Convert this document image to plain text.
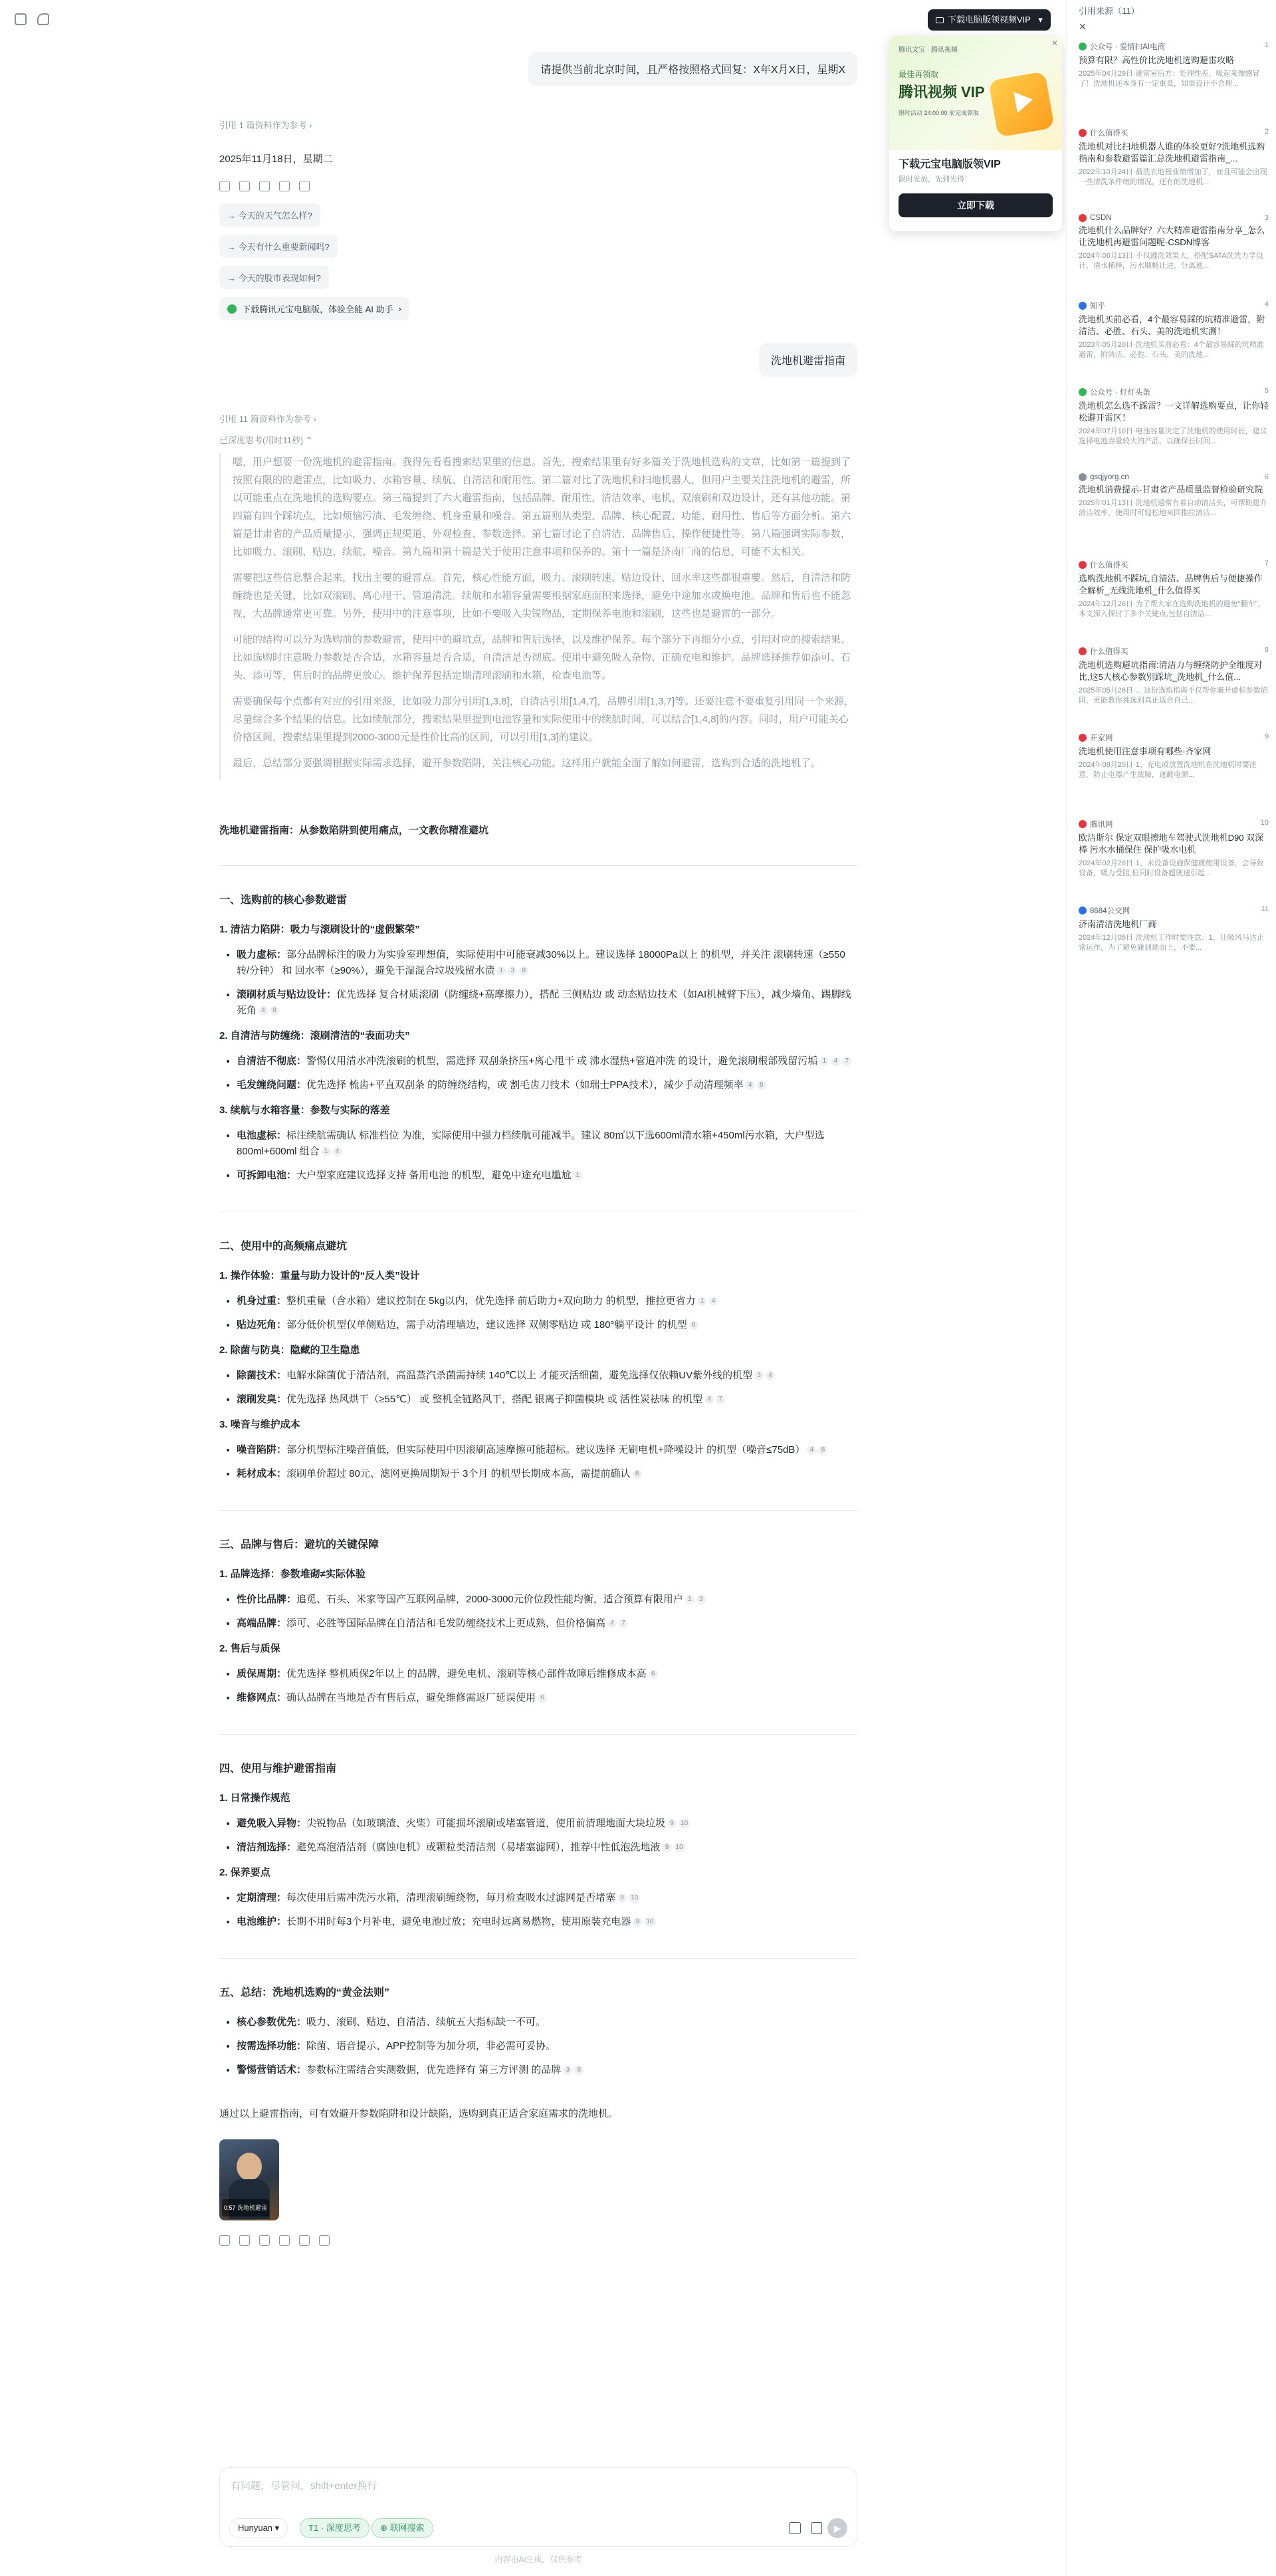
下载电脑版领视频VIP ▾
腾讯文宝 · 腾讯视频
最佳再领取
腾讯视频 VIP
限时活动 24:00:00 前完成领取
✕
下载元宝电脑版领VIP
限时发放，先到先得！
立即下载
请提供当前北京时间，且严格按照格式回复：X年X月X日，星期X
引用 1 篇资料作为参考 ›
2025年11月18日，星期二
→ 今天的天气怎么样?
→ 今天有什么重要新闻吗?
→ 今天的股市表现如何?
下载腾讯元宝电脑版，体验全能 AI 助手 ›
洗地机避雷指南
引用 11 篇资料作为参考 ›
已深度思考(用时11秒) ⌃

嗯，用户想要一份洗地机的避雷指南。我得先看看搜索结果里的信息。首先，搜索结果里有好多篇关于洗地机选购的文章，比如第一篇提到了按照有限的的避雷点，比如吸力、水箱容量、续航、自清洁和耐用性。第二篇对比了洗地机和扫地机器人，但用户主要关注洗地机的避雷，所以可能重点在洗地机的选购要点。第三篇提到了六大避雷指南，包括品牌、耐用性、清洁效率、电机、双滚刷和双边设计，还有其他功能。第四篇有四个踩坑点，比如烦恼污渍、毛发缠绕、机身重量和噪音。第五篇则从类型、品牌、核心配置、功能、耐用性、售后等方面分析。第六篇是甘肃省的产品质量提示，强调正规渠道、外观检查、参数选择。第七篇讨论了自清洁、品牌售后、操作便捷性等。第八篇强调实际参数，比如吸力、滚刷、贴边、续航、噪音。第九篇和第十篇是关于使用注意事项和保养的。第十一篇是济南厂商的信息，可能不太相关。

需要把这些信息整合起来，找出主要的避雷点。首先，核心性能方面，吸力、滚刷转速、贴边设计、回水率这些都很重要。然后，自清洁和防缠绕也是关键，比如双滚刷、离心甩干、管道清洗。续航和水箱容量需要根据家庭面积来选择，避免中途加水或换电池。品牌和售后也不能忽视，大品牌通常更可靠。另外，使用中的注意事项，比如不要吸入尖锐物品，定期保养电池和滚刷，这些也是避雷的一部分。

可能的结构可以分为选购前的参数避雷，使用中的避坑点，品牌和售后选择，以及维护保养。每个部分下再细分小点，引用对应的搜索结果。比如选购时注意吸力参数是否合适，水箱容量是否合适，自清洁是否彻底。使用中避免吸入杂物、正确充电和维护。品牌选择推荐如添可、石头、添可等，售后时的品牌更放心。维护保养包括定期清理滚刷和水箱，检查电池等。

需要确保每个点都有对应的引用来源，比如吸力部分引用[1,3,8]，自清洁引用[1,4,7]，品牌引用[1,3,7]等。还要注意不要重复引用同一个来源，尽量综合多个结果的信息。比如续航部分，搜索结果里提到电池容量和实际使用中的续航时间，可以结合[1,4,8]的内容。同时，用户可能关心价格区间，搜索结果里提到2000-3000元是性价比高的区间，可以引用[1,3]的建议。

最后，总结部分要强调根据实际需求选择，避开参数陷阱，关注核心功能。这样用户就能全面了解如何避雷，选购到合适的洗地机了。

洗地机避雷指南：从参数陷阱到使用痛点，一文教你精准避坑
一、选购前的核心参数避雷
1. 清洁力陷阱：吸力与滚刷设计的“虚假繁荣”
• 吸力虚标：部分品牌标注的吸力为实验室理想值，实际使用中可能衰减30%以上。建议选择 18000Pa以上 的机型，并关注 滚刷转速（≥550转/分钟） 和 回水率（≥90%），避免干湿混合垃圾残留水渍 1 3 8
• 滚刷材质与贴边设计：优先选择 复合材质滚刷（防缠绕+高摩擦力），搭配 三侧贴边 或 动态贴边技术（如AI机械臂下压），减少墙角、踢脚线死角 4 8
2. 自清洁与防缠绕：滚刷清洁的“表面功夫”
• 自清洁不彻底：警惕仅用清水冲洗滚刷的机型，需选择 双刮条挤压+离心甩干 或 沸水湿热+管道冲洗 的设计，避免滚刷根部残留污垢 1 4 7
• 毛发缠绕问题：优先选择 梳齿+平直双刮条 的防缠绕结构，或 割毛齿刀技术（如瑞士PPA技术），减少手动清理频率 4 8
3. 续航与水箱容量：参数与实际的落差
• 电池虚标：标注续航需确认 标准档位 为准，实际使用中强力档续航可能减半。建议 80㎡以下选600ml清水箱+450ml污水箱，大户型选 800ml+600ml 组合 1 4
• 可拆卸电池：大户型家庭建议选择支持 备用电池 的机型，避免中途充电尴尬 1
二、使用中的高频痛点避坑
1. 操作体验：重量与助力设计的“反人类”设计
• 机身过重：整机重量（含水箱）建议控制在 5kg以内，优先选择 前后助力+双向助力 的机型，推拉更省力 1 4
• 贴边死角：部分低价机型仅单侧贴边，需手动清理墙边，建议选择 双侧零贴边 或 180°躺平设计 的机型 8
2. 除菌与防臭：隐藏的卫生隐患
• 除菌技术：电解水除菌优于清洁剂，高温蒸汽杀菌需持续 140℃以上 才能灭活细菌，避免选择仅依赖UV紫外线的机型 3 4
• 滚刷发臭：优先选择 热风烘干（≥55℃） 或 整机全链路风干，搭配 银离子抑菌模块 或 活性炭祛味 的机型 4 7
3. 噪音与维护成本
• 噪音陷阱：部分机型标注噪音值低，但实际使用中因滚刷高速摩擦可能超标。建议选择 无刷电机+降噪设计 的机型（噪音≤75dB） 4 8
• 耗材成本：滚刷单价超过 80元、滤网更换周期短于 3个月 的机型长期成本高，需提前确认 8
三、品牌与售后：避坑的关键保障
1. 品牌选择：参数堆砌≠实际体验
• 性价比品牌：追觅、石头、米家等国产互联网品牌，2000-3000元价位段性能均衡，适合预算有限用户 1 3
• 高端品牌：添可、必胜等国际品牌在自清洁和毛发防缠绕技术上更成熟，但价格偏高 4 7
2. 售后与质保
• 质保周期：优先选择 整机质保2年以上 的品牌，避免电机、滚刷等核心部件故障后维修成本高 6
• 维修网点：确认品牌在当地是否有售后点，避免维修需返厂延误使用 6
四、使用与维护避雷指南
1. 日常操作规范
• 避免吸入异物：尖锐物品（如玻璃渣、火柴）可能损坏滚刷或堵塞管道，使用前清理地面大块垃圾 9 10
• 清洁剂选择：避免高泡清洁剂（腐蚀电机）或颗粒类清洁剂（易堵塞滤网），推荐中性低泡洗地液 9 10
2. 保养要点
• 定期清理：每次使用后需冲洗污水箱，清理滚刷缠绕物，每月检查吸水过滤网是否堵塞 9 10
• 电池维护：长期不用时每3个月补电，避免电池过放；充电时远离易燃物，使用原装充电器 9 10
五、总结：洗地机选购的“黄金法则”
• 核心参数优先：吸力、滚刷、贴边、自清洁、续航五大指标缺一不可。
• 按需选择功能：除菌、语音提示、APP控制等为加分项，非必需可妥协。
• 警惕营销话术：参数标注需结合实测数据，优先选择有 第三方评测 的品牌 3 8
通过以上避雷指南，可有效避开参数陷阱和设计缺陷，选购到真正适合家庭需求的洗地机。
0:57 洗地机避雷
有问题，尽管问，shift+enter换行
Hunyuan ▾	T1 · 深度思考	⊕ 联网搜索	▶
内容由AI生成，仅供参考
引用来源（11）
✕
公众号 · 爱情扫AI电商	1
预算有限？高性价比洗地机选购避雷攻略
2025年04月29日·避雷室后方：处理性差、吸起来像感冒了！洗地机还本身有一定重量，如果设计不合理...
什么值得买	2
洗地机对比扫地机器人谁的体验更好?洗地机选购指南和参数避雷篇汇总洗地机避雷指南_...
2022年10月24日·最洗衣地板业绩增加了，而且可能会出现一些清洗条件绪的情况，还有的洗地机...
CSDN	3
洗地机什么品牌好？六大精准避雷指南分享_怎么让洗地机再避雷问题呢-CSDN博客
2024年06月13日·不仅遵洗效果大，搭配SATA洗洗力学设计，清水稀释，污水顺畅让进，分离速...
知乎	4
洗地机买前必看，4个最容易踩的坑精准避雷，附清洁、必胜、石头、美的洗地机实测！
2023年05月20日·洗地机买前必看：4个最容易踩的坑精准避雷，附清洁、必胜、石头、美的洗地...
公众号 · 灯灯头条	5
洗地机怎么选不踩雷？一文详解选购要点，让你轻松避开雷区！
2024年07月10日·电池容量决定了洗地机的使用时长，建议选择电池容量较大的产品，以确保长时间...
gsqjyorg.cn	6
洗地机消费提示-甘肃省产品质量监督检验研究院
2025年01月13日·洗地机通常有着自动清洁头，可帮助提升清洁效率，使用时可轻松地来回推拉清洁...
什么值得买	7
选购洗地机不踩坑,自清洁、品牌售后与便捷操作全解析_无线洗地机_什么值得买
2024年12月26日·为了帮大家在选购洗地机的避免"翻车"，本文深入探讨了多个关键点,包括自清洁...
什么值得买	8
洗地机选购避坑指南:清洁力与缠绕防护全维度对比,这5大核心参数别踩坑_洗地机_什么值...
2025年05月26日·... 这份选购指南不仅帮你避开虚标参数陷阱，更能教你挑选到真正适合自己...
开家网	9
洗地机使用注意事项有哪些-齐家网
2024年08月25日·1、充电或放置洗地机在洗地机时要注意，防止电器产生故障，遮蔽电源...
腾讯网	10
欧洁斯尔 保定双眼擦地车驾驶式洗地机D90 双深棒 污水水桶保住 保护吸水电机
2024年02月28日·1、未设备设施保健就使用设备，会导致设备，吸力受阻,但同时设备超驶速引起...
8684公交网	11
济南清洁洗地机厂商
2024年12月05日·洗地机工作时要注意：1、让吸风马达正常运作，为了避免碰到地面上，不要...
